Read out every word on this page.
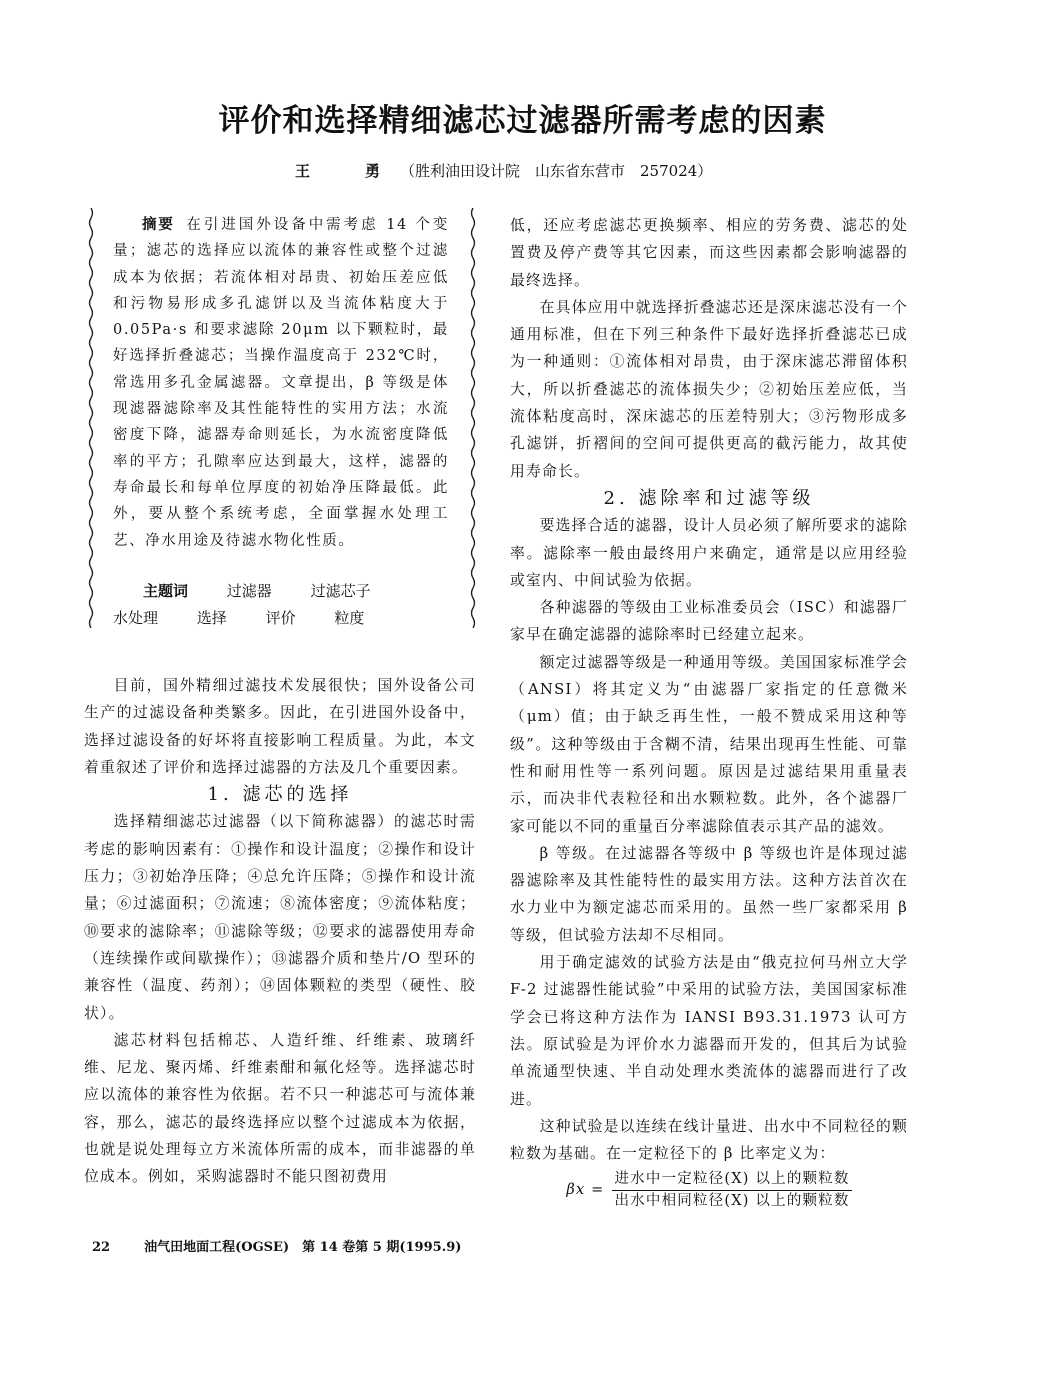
评价和选择精细滤芯过滤器所需考虑的因素
王　勇（胜利油田设计院　山东省东营市　257024）
摘要 在引进国外设备中需考虑 14 个变量；滤芯的选择应以流体的兼容性或整个过滤成本为依据；若流体相对昂贵、初始压差应低和污物易形成多孔滤饼以及当流体粘度大于 0.05Pa·s 和要求滤除 20μm 以下颗粒时，最好选择折叠滤芯；当操作温度高于 232℃时，常选用多孔金属滤器。文章提出，β 等级是体现滤器滤除率及其性能特性的实用方法；水流密度下降，滤器寿命则延长，为水流密度降低率的平方；孔隙率应达到最大，这样，滤器的寿命最长和每单位厚度的初始净压降最低。此外，要从整个系统考虑，全面掌握水处理工艺、净水用途及待滤水物化性质。
主题词	过滤器	过滤芯子
水处理	选择	评价	粒度

目前，国外精细过滤技术发展很快；国外设备公司生产的过滤设备种类繁多。因此，在引进国外设备中，选择过滤设备的好坏将直接影响工程质量。为此，本文着重叙述了评价和选择过滤器的方法及几个重要因素。

1. 滤芯的选择

选择精细滤芯过滤器（以下简称滤器）的滤芯时需考虑的影响因素有：①操作和设计温度；②操作和设计压力；③初始净压降；④总允许压降；⑤操作和设计流量；⑥过滤面积；⑦流速；⑧流体密度；⑨流体粘度；⑩要求的滤除率；⑪滤除等级；⑫要求的滤器使用寿命（连续操作或间歇操作）；⑬滤器介质和垫片/O 型环的兼容性（温度、药剂）；⑭固体颗粒的类型（硬性、胶状）。

滤芯材料包括棉芯、人造纤维、纤维素、玻璃纤维、尼龙、聚丙烯、纤维素酣和氟化烃等。选择滤芯时应以流体的兼容性为依据。若不只一种滤芯可与流体兼容，那么，滤芯的最终选择应以整个过滤成本为依据，也就是说处理每立方米流体所需的成本，而非滤器的单位成本。例如，采购滤器时不能只图初费用

低，还应考虑滤芯更换频率、相应的劳务费、滤芯的处置费及停产费等其它因素，而这些因素都会影响滤器的最终选择。

在具体应用中就选择折叠滤芯还是深床滤芯没有一个通用标准，但在下列三种条件下最好选择折叠滤芯已成为一种通则：①流体相对昂贵，由于深床滤芯滞留体积大，所以折叠滤芯的流体损失少；②初始压差应低，当流体粘度高时，深床滤芯的压差特别大；③污物形成多孔滤饼，折褶间的空间可提供更高的截污能力，故其使用寿命长。

2. 滤除率和过滤等级

要选择合适的滤器，设计人员必须了解所要求的滤除率。滤除率一般由最终用户来确定，通常是以应用经验或室内、中间试验为依据。

各种滤器的等级由工业标准委员会（ISC）和滤器厂家早在确定滤器的滤除率时已经建立起来。

额定过滤器等级是一种通用等级。美国国家标准学会（ANSI）将其定义为“由滤器厂家指定的任意微米（μm）值；由于缺乏再生性，一般不赞成采用这种等级”。这种等级由于含糊不清，结果出现再生性能、可靠性和耐用性等一系列问题。原因是过滤结果用重量表示，而决非代表粒径和出水颗粒数。此外，各个滤器厂家可能以不同的重量百分率滤除值表示其产品的滤效。

β 等级。在过滤器各等级中 β 等级也许是体现过滤器滤除率及其性能特性的最实用方法。这种方法首次在水力业中为额定滤芯而采用的。虽然一些厂家都采用 β 等级，但试验方法却不尽相同。

用于确定滤效的试验方法是由“俄克拉何马州立大学 F-2 过滤器性能试验”中采用的试验方法，美国国家标准学会已将这种方法作为 IANSI B93.31.1973 认可方法。原试验是为评价水力滤器而开发的，但其后为试验单流通型快速、半自动处理水类流体的滤器而进行了改进。

这种试验是以连续在线计量进、出水中不同粒径的颗粒数为基础。在一定粒径下的 β 比率定义为：

$\beta x = \frac{\text{进水中一定粒径(X) 以上的颗粒数}}{\text{出水中相同粒径(X) 以上的颗粒数}}$
22	油气田地面工程(OGSE)　第 14 卷第 5 期(1995.9)
